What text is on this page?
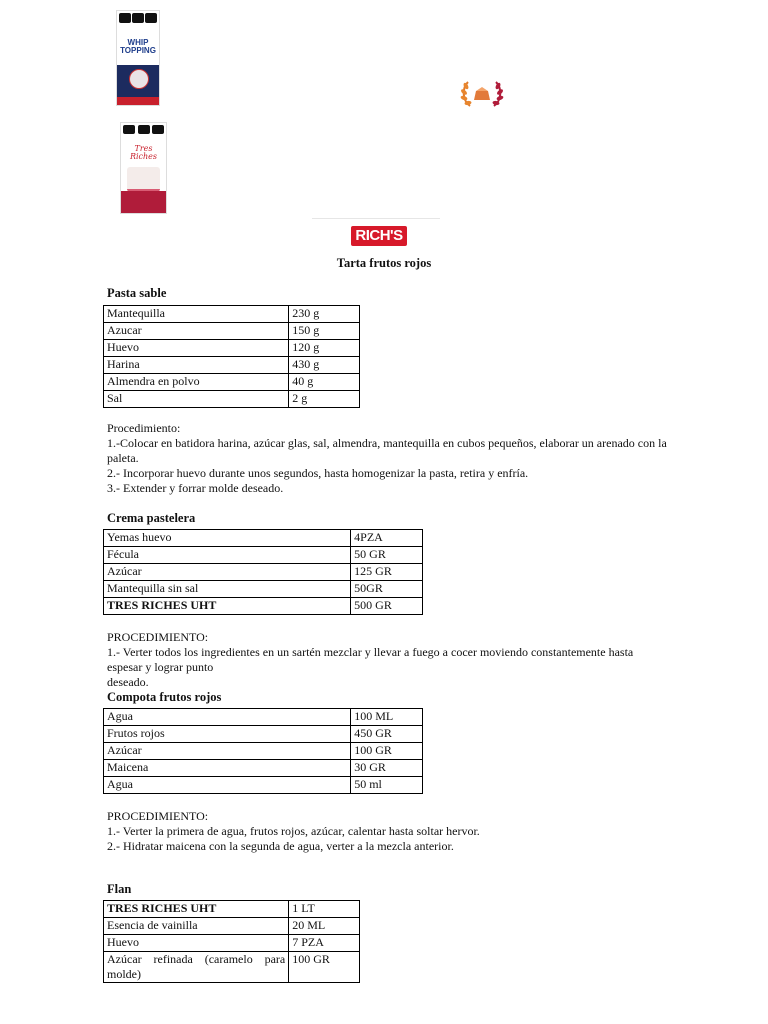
WHIP TOPPING
Tres Riches
RICH'S
Tarta frutos rojos
Pasta sable
Mantequilla	230 g
Azucar	150 g
Huevo	120 g
Harina	430 g
Almendra en polvo	40 g
Sal	2 g

Procedimiento:

1.-Colocar en batidora harina, azúcar glas, sal, almendra, mantequilla en cubos pequeños, elaborar un arenado con la paleta.

2.- Incorporar huevo durante unos segundos, hasta homogenizar la pasta, retira y enfría.

3.- Extender y forrar molde deseado.

Crema pastelera
Yemas huevo	4PZA
Fécula	50 GR
Azúcar	125 GR
Mantequilla sin sal	50GR
TRES RICHES UHT	500 GR

PROCEDIMIENTO:

1.- Verter todos los ingredientes en un sartén mezclar y llevar a fuego a cocer moviendo constantemente hasta espesar y lograr punto

deseado.

Compota frutos rojos
Agua	100 ML
Frutos rojos	450 GR
Azúcar	100 GR
Maicena	30 GR
Agua	50 ml

PROCEDIMIENTO:

1.- Verter la primera de agua, frutos rojos, azúcar, calentar hasta soltar hervor.

2.- Hidratar maicena con la segunda de agua, verter a la mezcla anterior.

Flan
TRES RICHES UHT	1 LT
Esencia de vainilla	20 ML
Huevo	7 PZA
Azúcar refinada (caramelo para molde)	100 GR
